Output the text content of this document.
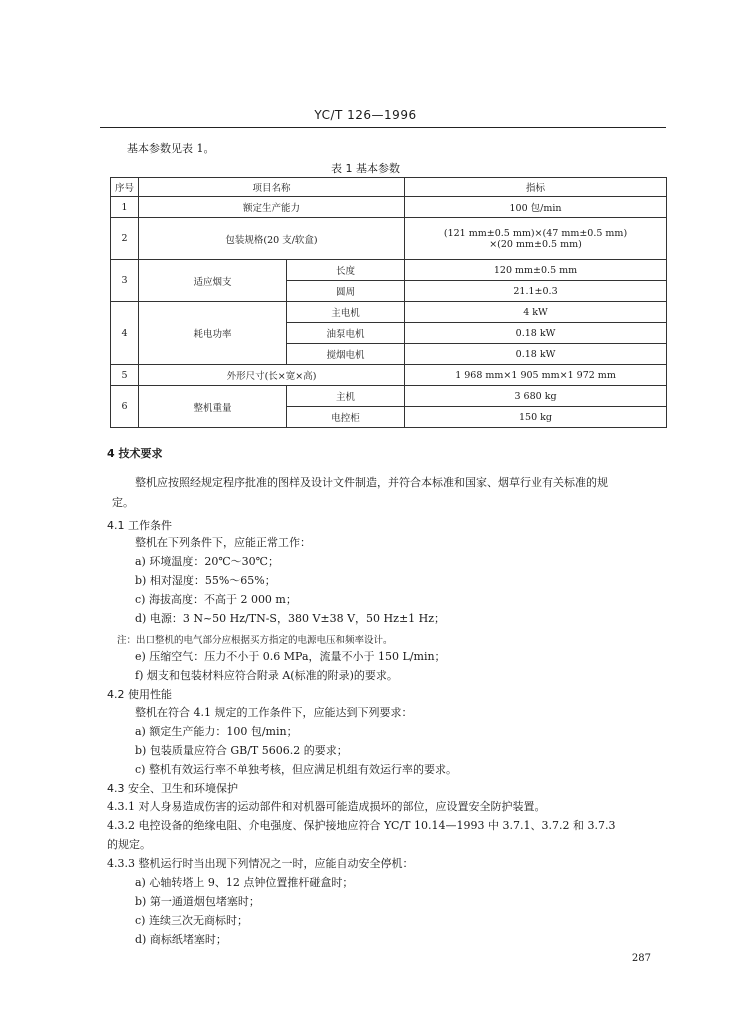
YC/T 126—1996
基本参数见表 1。
表 1 基本参数
序号	项目名称		指标
1	额定生产能力		100 包/min
2	包装规格(20 支/软盒)		(121 mm±0.5 mm)×(47 mm±0.5 mm)
×(20 mm±0.5 mm)

3	适应烟支	长度	120 mm±0.5 mm
		圆周	21.1±0.3
4	耗电功率	主电机	4 kW
		油泵电机	0.18 kW
		搅烟电机	0.18 kW
5	外形尺寸(长×宽×高)		1 968 mm×1 905 mm×1 972 mm
6	整机重量	主机	3 680 kg
		电控柜	150 kg
4 技术要求
整机应按照经规定程序批准的图样及设计文件制造，并符合本标准和国家、烟草行业有关标准的规
定。
4.1 工作条件
整机在下列条件下，应能正常工作：
a) 环境温度：20℃～30℃；
b) 相对湿度：55%～65%；
c) 海拔高度：不高于 2 000 m；
d) 电源：3 N~50 Hz/TN-S，380 V±38 V，50 Hz±1 Hz；
注：出口整机的电气部分应根据买方指定的电源电压和频率设计。
e) 压缩空气：压力不小于 0.6 MPa，流量不小于 150 L/min；
f) 烟支和包装材料应符合附录 A(标准的附录)的要求。
4.2 使用性能
整机在符合 4.1 规定的工作条件下，应能达到下列要求：
a) 额定生产能力：100 包/min；
b) 包装质量应符合 GB/T 5606.2 的要求；
c) 整机有效运行率不单独考核，但应满足机组有效运行率的要求。
4.3 安全、卫生和环境保护
4.3.1 对人身易造成伤害的运动部件和对机器可能造成损坏的部位，应设置安全防护装置。
4.3.2 电控设备的绝缘电阻、介电强度、保护接地应符合 YC/T 10.14—1993 中 3.7.1、3.7.2 和 3.7.3
的规定。
4.3.3 整机运行时当出现下列情况之一时，应能自动安全停机：
a) 心轴转塔上 9、12 点钟位置推杆碰盒时；
b) 第一通道烟包堵塞时；
c) 连续三次无商标时；
d) 商标纸堵塞时；
287
